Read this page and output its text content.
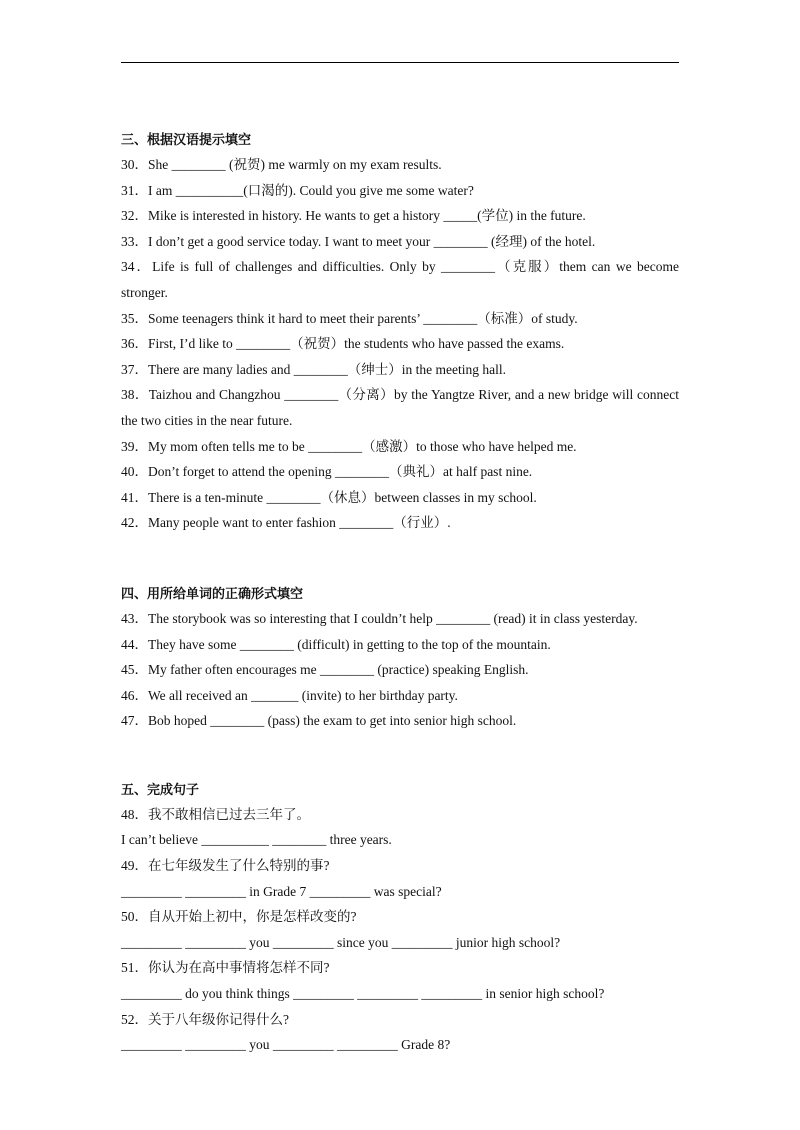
三、根据汉语提示填空
30．She ________ (祝贺) me warmly on my exam results.
31．I am __________(口渴的). Could you give me some water?
32．Mike is interested in history. He wants to get a history _____(学位) in the future.
33．I don’t get a good service today. I want to meet your ________ (经理) of the hotel.
34．Life is full of challenges and difficulties. Only by ________（克服）them can we become stronger.
35．Some teenagers think it hard to meet their parents’ ________（标准）of study.
36．First, I’d like to ________（祝贺）the students who have passed the exams.
37．There are many ladies and ________（绅士）in the meeting hall.
38．Taizhou and Changzhou ________（分离）by the Yangtze River, and a new bridge will connect the two cities in the near future.
39．My mom often tells me to be ________（感激）to those who have helped me.
40．Don’t forget to attend the opening ________（典礼）at half past nine.
41．There is a ten-minute ________（休息）between classes in my school.
42．Many people want to enter fashion ________（行业）.
四、用所给单词的正确形式填空
43．The storybook was so interesting that I couldn’t help ________ (read) it in class yesterday.
44．They have some ________ (difficult) in getting to the top of the mountain.
45．My father often encourages me ________ (practice) speaking English.
46．We all received an _______ (invite) to her birthday party.
47．Bob hoped ________ (pass) the exam to get into senior high school.
五、完成句子
48．我不敢相信已过去三年了。
I can’t believe __________ ________ three years.
49．在七年级发生了什么特别的事?
_________ _________ in Grade 7 _________ was special?
50．自从开始上初中，你是怎样改变的?
_________ _________ you _________ since you _________ junior high school?
51．你认为在高中事情将怎样不同?
_________ do you think things _________ _________ _________ in senior high school?
52．关于八年级你记得什么?
_________ _________ you _________ _________ Grade 8?
